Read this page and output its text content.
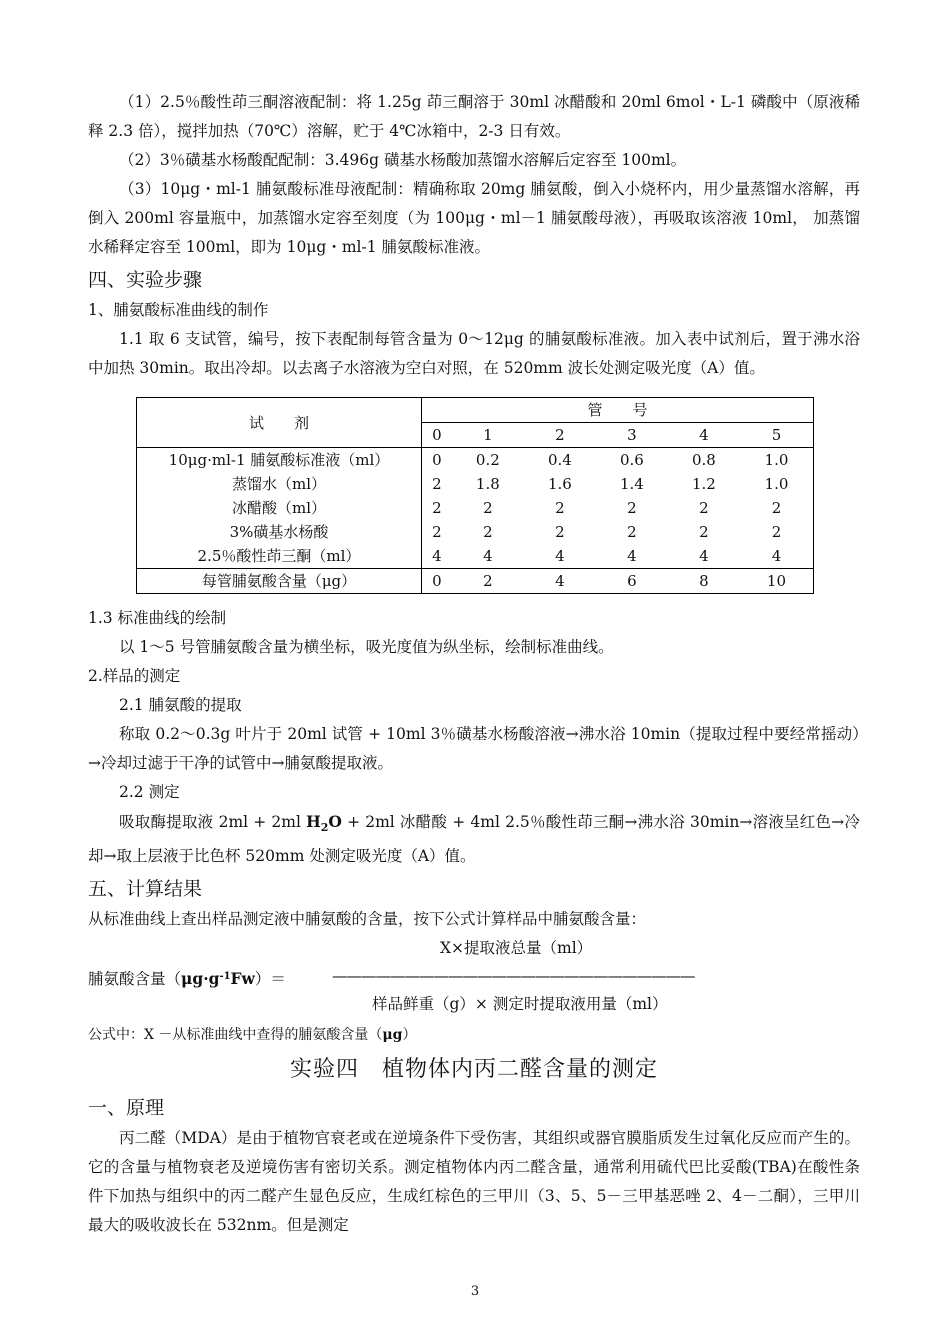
（1）2.5％酸性茚三酮溶液配制：将 1.25g 茚三酮溶于 30ml 冰醋酸和 20ml 6mol・L-1 磷酸中（原液稀释 2.3 倍），搅拌加热（70℃）溶解，贮于 4℃冰箱中，2-3 日有效。

（2）3％磺基水杨酸配配制：3.496g 磺基水杨酸加蒸馏水溶解后定容至 100ml。

（3）10μg・ml-1 脯氨酸标准母液配制：精确称取 20mg 脯氨酸，倒入小烧杯内，用少量蒸馏水溶解，再倒入 200ml 容量瓶中，加蒸馏水定容至刻度（为 100μg・ml－1 脯氨酸母液），再吸取该溶液 10ml， 加蒸馏水稀释定容至 100ml，即为 10μg・ml-1 脯氨酸标准液。

四、实验步骤

1、脯氨酸标准曲线的制作

1.1 取 6 支试管，编号，按下表配制每管含量为 0～12μg 的脯氨酸标准液。加入表中试剂后，置于沸水浴中加热 30min。取出冷却。以去离子水溶液为空白对照，在 520mm 波长处测定吸光度（A）值。

试　　剂	管　　号					
	0	1	2	3	4	5
10μg·ml-1 脯氨酸标准液（ml）	0	0.2	0.4	0.6	0.8	1.0
蒸馏水（ml）	2	1.8	1.6	1.4	1.2	1.0
冰醋酸（ml）	2	2	2	2	2	2
3%磺基水杨酸	2	2	2	2	2	2
2.5％酸性茚三酮（ml）	4	4	4	4	4	4
每管脯氨酸含量（μg）	0	2	4	6	8	10

1.3 标准曲线的绘制

以 1～5 号管脯氨酸含量为横坐标，吸光度值为纵坐标，绘制标准曲线。

2.样品的测定

2.1 脯氨酸的提取

称取 0.2～0.3g 叶片于 20ml 试管 + 10ml 3％磺基水杨酸溶液→沸水浴 10min（提取过程中要经常摇动）→冷却过滤于干净的试管中→脯氨酸提取液。

2.2 测定

吸取酶提取液 2ml + 2ml $H_2O + 2ml$ 冰醋酸 + 4ml 2.5％酸性茚三酮→沸水浴 30min→溶液呈红色→冷却→取上层液于比色杯 520mm 处测定吸光度（A）值。

五、计算结果

从标准曲线上查出样品测定液中脯氨酸的含量，按下公式计算样品中脯氨酸含量：

X×提取液总量（ml）
脯氨酸含量$(\mu g\cdot g^{-1}Fw)=$	—————————————————————————
样品鲜重（g）× 测定时提取液用量（ml）

公式中：X －从标准曲线中查得的脯氨酸含量（μg）

实验四　植物体内丙二醛含量的测定

一、原理

丙二醛（MDA）是由于植物官衰老或在逆境条件下受伤害，其组织或器官膜脂质发生过氧化反应而产生的。它的含量与植物衰老及逆境伤害有密切关系。测定植物体内丙二醛含量，通常利用硫代巴比妥酸(TBA)在酸性条件下加热与组织中的丙二醛产生显色反应，生成红棕色的三甲川（3、5、5－三甲基恶唑 2、4－二酮），三甲川最大的吸收波长在 532nm。但是测定

3
